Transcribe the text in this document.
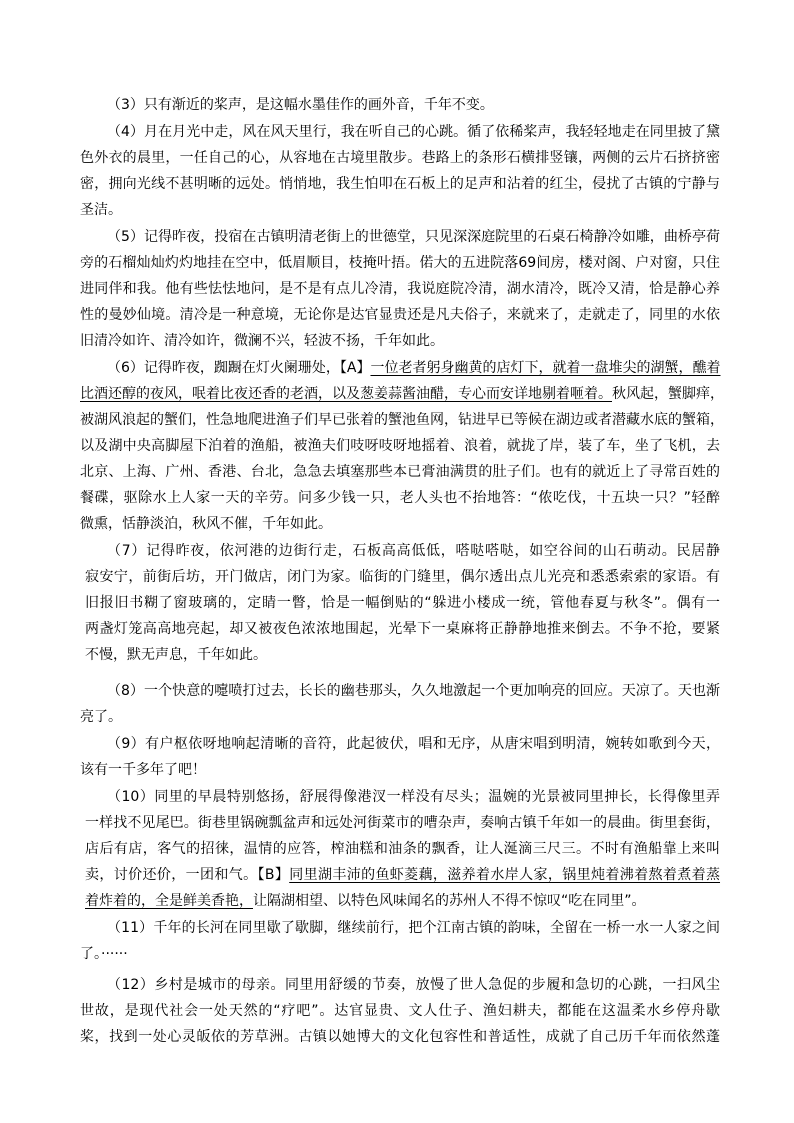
（3）只有渐近的桨声，是这幅水墨佳作的画外音，千年不变。
（4）月在月光中走，风在风天里行，我在听自己的心跳。循了依稀桨声，我轻轻地走在同里披了黛
色外衣的晨里，一任自己的心，从容地在古境里散步。巷路上的条形石横排竖镶，两侧的云片石挤挤密
密，拥向光线不甚明晰的远处。悄悄地，我生怕叩在石板上的足声和沾着的红尘，侵扰了古镇的宁静与
圣洁。
（5）记得昨夜，投宿在古镇明清老街上的世德堂，只见深深庭院里的石桌石椅静冷如雕，曲桥亭荷
旁的石榴灿灿灼灼地挂在空中，低眉顺目，枝掩叶捂。偌大的五进院落69间房，楼对阁、户对窗，只住
进同伴和我。他有些怯怯地问，是不是有点儿冷清，我说庭院冷清，湖水清冷，既冷又清，恰是静心养
性的曼妙仙境。清冷是一种意境，无论你是达官显贵还是凡夫俗子，来就来了，走就走了，同里的水依
旧清冷如许、清冷如许，微澜不兴，轻波不扬，千年如此。
（6）记得昨夜，踟蹰在灯火阑珊处，【A】一位老者躬身幽黄的店灯下，就着一盘堆尖的湖蟹，醮着
比酒还醇的夜风，呡着比夜还香的老酒，以及葱姜蒜酱油醋，专心而安详地剔着咂着。秋风起，蟹脚痒，
被湖风浪起的蟹们，性急地爬进渔子们早已张着的蟹池鱼网，钻进早已等候在湖边或者潜藏水底的蟹箱，
以及湖中央高脚屋下泊着的渔船，被渔夫们吱呀吱呀地摇着、浪着，就拢了岸，装了车，坐了飞机，去
北京、上海、广州、香港、台北，急急去填塞那些本已膏油满贯的肚子们。也有的就近上了寻常百姓的
餐碟，驱除水上人家一天的辛劳。问多少钱一只，老人头也不抬地答：“侬吃伐，十五块一只？”轻醉
微熏，恬静淡泊，秋风不催，千年如此。
（7）记得昨夜，依河港的边街行走，石板高高低低，嗒哒嗒哒，如空谷间的山石萌动。民居静
寂安宁，前街后坊，开门做店，闭门为家。临街的门缝里，偶尔透出点儿光亮和悉悉索索的家语。有
旧报旧书糊了窗玻璃的，定睛一瞥，恰是一幅倒贴的“躲进小楼成一统，管他春夏与秋冬”。偶有一
两盏灯笼高高地亮起，却又被夜色浓浓地围起，光晕下一桌麻将正静静地推来倒去。不争不抢，要紧
不慢，默无声息，千年如此。
（8）一个快意的嚏喷打过去，长长的幽巷那头，久久地激起一个更加响亮的回应。天凉了。天也渐
亮了。
（9）有户枢依呀地响起清晰的音符，此起彼伏，唱和无序，从唐宋唱到明清，婉转如歌到今天，
该有一千多年了吧！
（10）同里的早晨特别悠扬，舒展得像港汊一样没有尽头；温婉的光景被同里抻长，长得像里弄
一样找不见尾巴。街巷里锅碗瓢盆声和远处河街菜市的嘈杂声，奏响古镇千年如一的晨曲。街里套街，
店后有店，客气的招徕，温情的应答，榨油糕和油条的飘香，让人涎滴三尺三。不时有渔船靠上来叫
卖，讨价还价，一团和气。【B】同里湖丰沛的鱼虾菱藕，滋养着水岸人家，锅里炖着沸着熬着煮着蒸
着炸着的，全是鲜美香艳，让隔湖相望、以特色风味闻名的苏州人不得不惊叹“吃在同里”。
（11）千年的长河在同里歇了歇脚，继续前行，把个江南古镇的韵味，全留在一桥一水一人家之间
了。······
（12）乡村是城市的母亲。同里用舒缓的节奏，放慢了世人急促的步履和急切的心跳，一扫风尘
世故，是现代社会一处天然的“疗吧”。达官显贵、文人仕子、渔妇耕夫，都能在这温柔水乡停舟歇
桨，找到一处心灵皈依的芳草洲。古镇以她博大的文化包容性和普适性，成就了自己历千年而依然蓬
